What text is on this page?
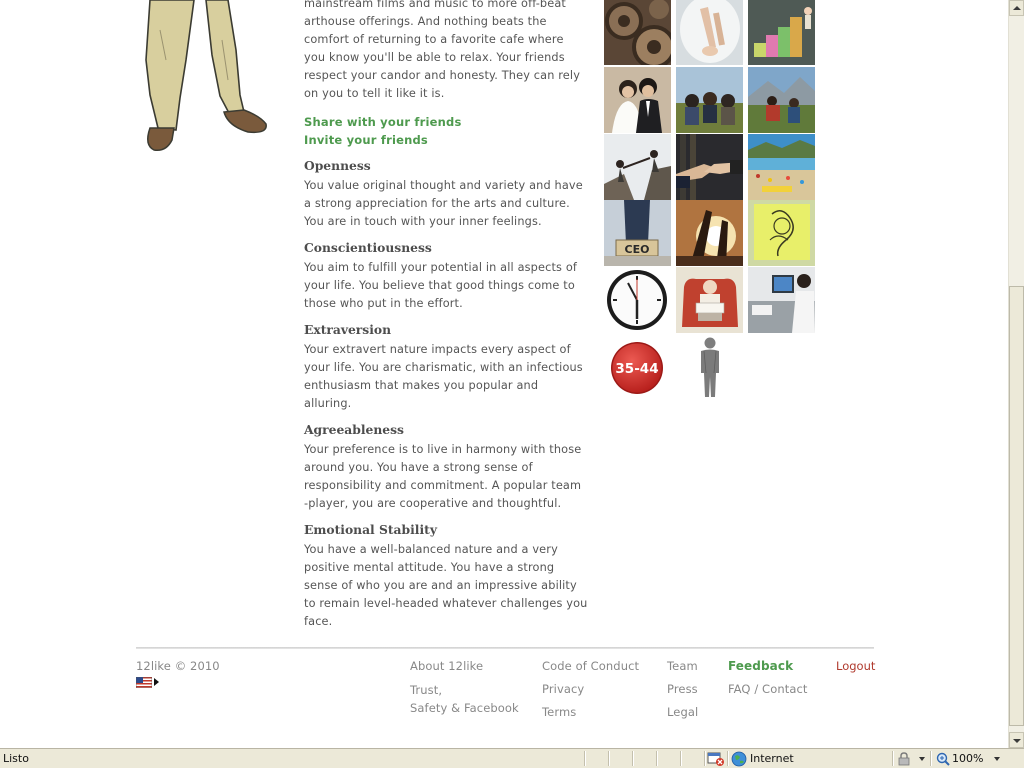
mainstream films and music to more off-beat arthouse offerings. And nothing beats the comfort of returning to a favorite cafe where you know you'll be able to relax. Your friends respect your candor and honesty. They can rely on you to tell it like it is.

Share with your friends
Invite your friends
Openness

You value original thought and variety and have a strong appreciation for the arts and culture. You are in touch with your inner feelings.

Conscientiousness

You aim to fulfill your potential in all aspects of your life. You believe that good things come to those who put in the effort.

Extraversion

Your extravert nature impacts every aspect of your life. You are charismatic, with an infectious enthusiasm that makes you popular and alluring.

Agreeableness

Your preference is to live in harmony with those around you. You have a strong sense of responsibility and commitment. A popular team -player, you are cooperative and thoughtful.

Emotional Stability

You have a well-balanced nature and a very positive mental attitude. You have a strong sense of who you are and an impressive ability to remain level-headed whatever challenges you face.

CEO
35-44
12like © 2010	About 12like
Trust,
Safety & Facebook
Code of Conduct
Privacy
Terms
Team
Press
Legal
Feedback
FAQ / Contact
Logout
Listo	Internet	100%
